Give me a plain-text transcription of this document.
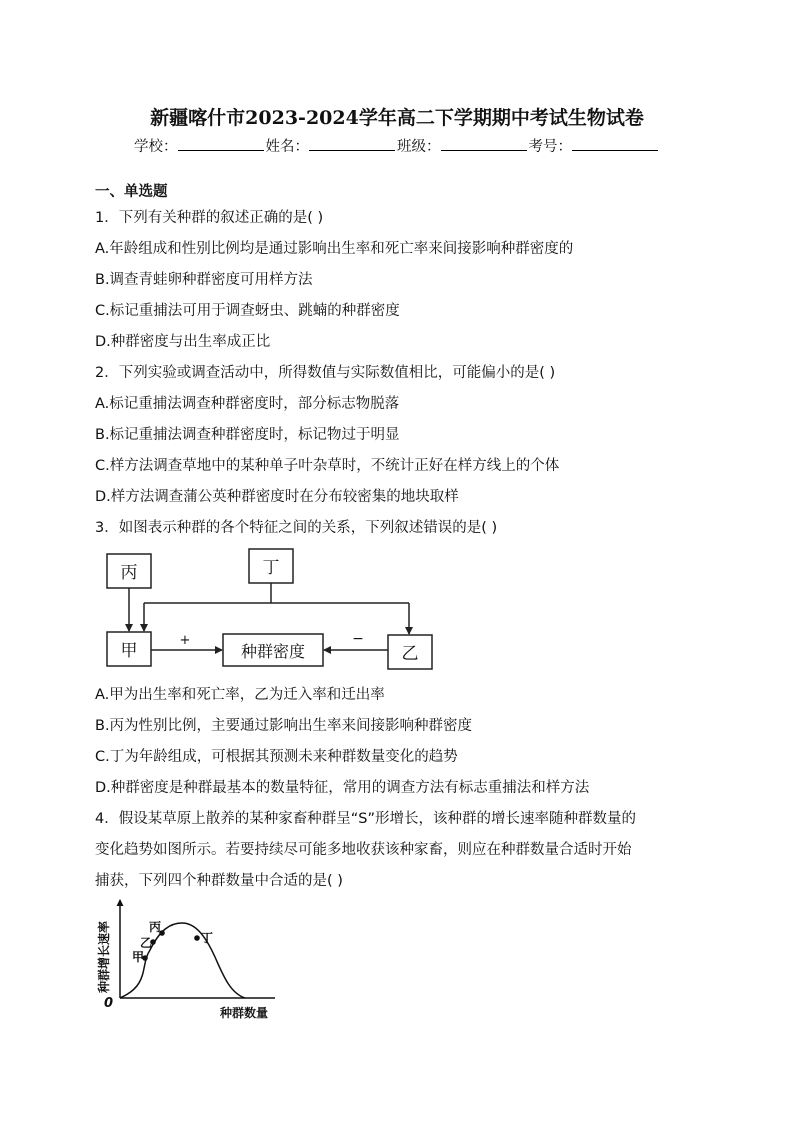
新疆喀什市2023-2024学年高二下学期期中考试生物试卷
学校：	姓名：	班级：	考号：
一、单选题
1．下列有关种群的叙述正确的是( )
A.年龄组成和性别比例均是通过影响出生率和死亡率来间接影响种群密度的
B.调查青蛙卵种群密度可用样方法
C.标记重捕法可用于调查蚜虫、跳蝻的种群密度
D.种群密度与出生率成正比
2．下列实验或调查活动中，所得数值与实际数值相比，可能偏小的是( )
A.标记重捕法调查种群密度时，部分标志物脱落
B.标记重捕法调查种群密度时，标记物过于明显
C.样方法调查草地中的某种单子叶杂草时，不统计正好在样方线上的个体
D.样方法调查蒲公英种群密度时在分布较密集的地块取样
3．如图表示种群的各个特征之间的关系，下列叙述错误的是( )
丙	丁
甲	种群密度	乙
+	−
A.甲为出生率和死亡率，乙为迁入率和迁出率
B.丙为性别比例，主要通过影响出生率来间接影响种群密度
C.丁为年龄组成，可根据其预测未来种群数量变化的趋势
D.种群密度是种群最基本的数量特征，常用的调查方法有标志重捕法和样方法
4．假设某草原上散养的某种家畜种群呈“S”形增长，该种群的增长速率随种群数量的
变化趋势如图所示。若要持续尽可能多地收获该种家畜，则应在种群数量合适时开始
捕获，下列四个种群数量中合适的是( )
甲
乙
丙
丁
种群数量
0
种群增长速率
